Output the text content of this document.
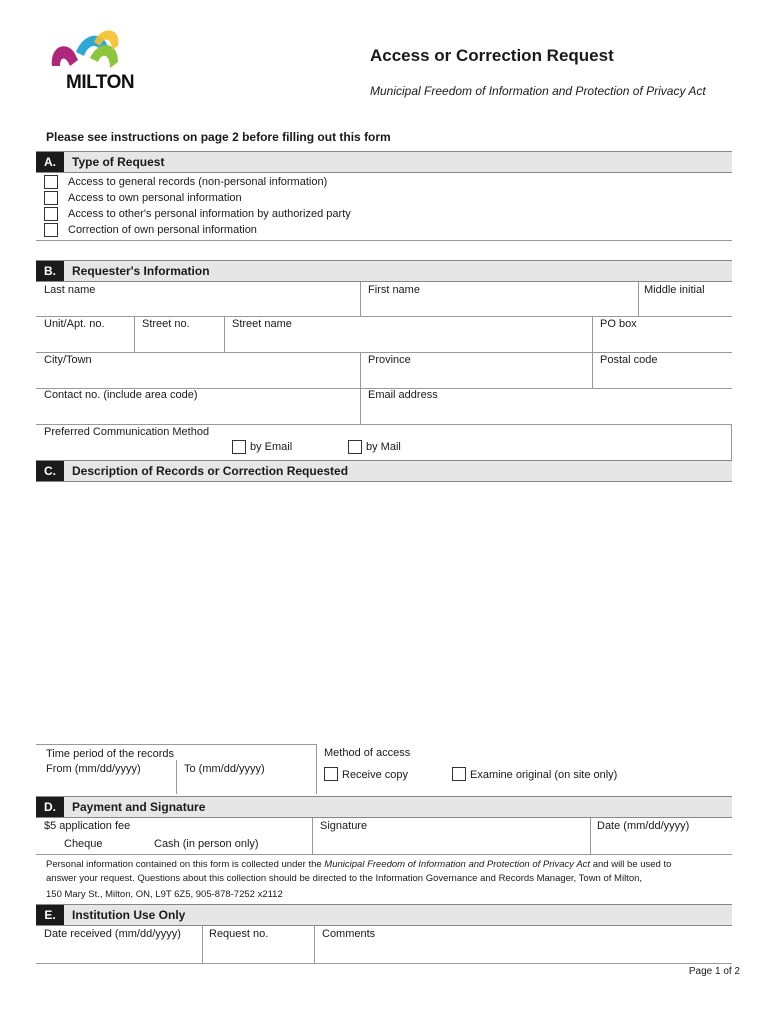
MILTON
Access or Correction Request
Municipal Freedom of Information and Protection of Privacy Act
Please see instructions on page 2 before filling out this form
A.	Type of Request
Access to general records (non-personal information)
Access to own personal information
Access to other's personal information by authorized party
Correction of own personal information
B.	Requester's Information
Last name	First name	Middle initial
Unit/Apt. no.	Street no.	Street name	PO box
City/Town	Province	Postal code
Contact no. (include area code)	Email address
Preferred Communication Method
by Email	by Mail
C.	Description of Records or Correction Requested
Time period of the records
From (mm/dd/yyyy)	To (mm/dd/yyyy)
Method of access
Receive copy	Examine original (on site only)
D.	Payment and Signature
$5 application fee
Cheque	Cash (in person only)
Signature	Date (mm/dd/yyyy)
Personal information contained on this form is collected under the Municipal Freedom of Information and Protection of Privacy Act and will be used to
answer your request. Questions about this collection should be directed to the Information Governance and Records Manager, Town of Milton,
150 Mary St., Milton, ON, L9T 6Z5, 905-878-7252 x2112
E.	Institution Use Only
Date received (mm/dd/yyyy)	Request no.	Comments
Page 1 of 2
